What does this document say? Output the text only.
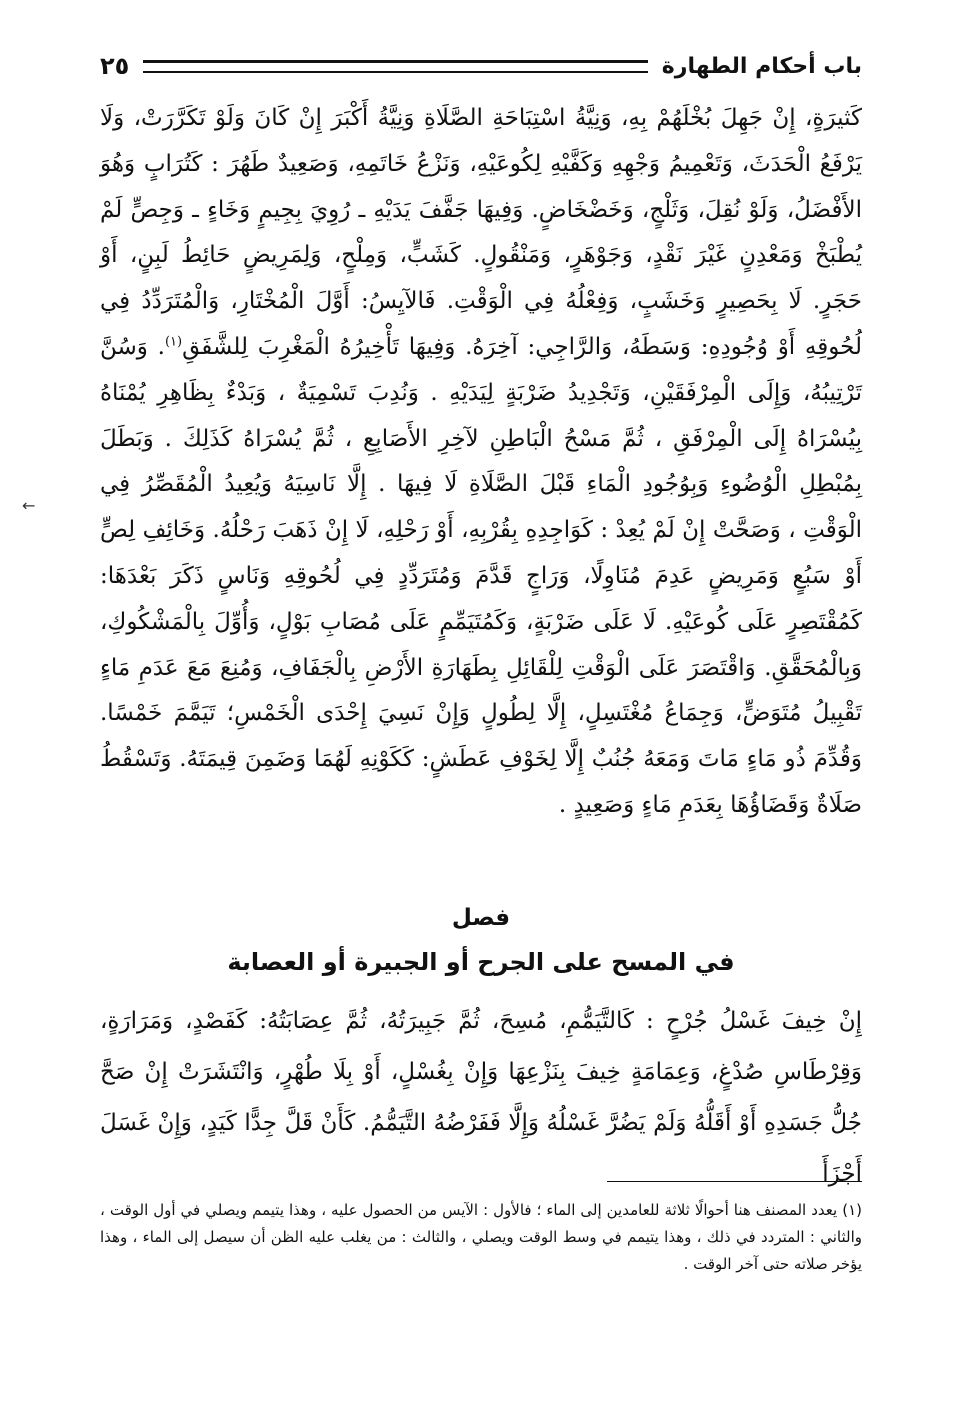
باب أحكام الطهارة
٢٥
كَثيرَةٍ، إِنْ جَهِلَ بُخْلَهُمْ بِهِ، وَنِيَّةُ اسْتِبَاحَةِ الصَّلَاةِ وَنِيَّةُ أَكْبَرَ إِنْ كَانَ وَلَوْ تَكَرَّرَتْ، وَلَا يَرْفَعُ الْحَدَثَ، وَتَعْمِيمُ وَجْهِهِ وَكَفَّيْهِ لِكُوعَيْهِ، وَنَزْعُ خَاتَمِهِ، وَصَعِيدٌ طَهُرَ : كَتُرَابٍ وَهُوَ الأَفْضَلُ، وَلَوْ نُقِلَ، وَثَلْجٍ، وَخَضْخَاضٍ. وَفِيهَا جَفَّفَ يَدَيْهِ ـ رُوِيَ بِجِيمٍ وَخَاءٍ ـ وَجِصٍّ لَمْ يُطْبَخْ وَمَعْدِنٍ غَيْرَ نَقْدٍ، وَجَوْهَرٍ، وَمَنْقُولٍ. كَشَبٍّ، وَمِلْحٍ، وَلِمَرِيضٍ حَائِطُ لَبِنٍ، أَوْ حَجَرٍ. لَا بِحَصِيرٍ وَخَشَبٍ، وَفِعْلُهُ فِي الْوَقْتِ. فَالآيِسُ: أَوَّلَ الْمُخْتَارِ، وَالْمُتَرَدِّدُ فِي لُحُوقِهِ أَوْ وُجُودِهِ: وَسَطَهُ، وَالرَّاجِي: آخِرَهُ. وَفِيهَا تَأْخِيرُهُ الْمَغْرِبَ لِلشَّفَقِ$^{(١)}$. وَسُنَّ تَرْتِيبُهُ، وَإِلَى الْمِرْفَقَيْنِ، وَتَجْدِيدُ ضَرْبَةٍ لِيَدَيْهِ . وَنُدِبَ تَسْمِيَةٌ ، وَبَدْءٌ بِظَاهِرِ يُمْنَاهُ بِيُسْرَاهُ إِلَى الْمِرْفَقِ ، ثُمَّ مَسْحُ الْبَاطِنِ لآخِرِ الأَصَابِعِ ، ثُمَّ يُسْرَاهُ كَذَلِكَ . وَبَطَلَ بِمُبْطِلِ الْوُضُوءِ وَبِوُجُودِ الْمَاءِ قَبْلَ الصَّلَاةِ لَا فِيهَا . إِلَّا نَاسِيَهُ وَيُعِيدُ الْمُقَصِّرُ فِي الْوَقْتِ ، وَصَحَّتْ إِنْ لَمْ يُعِدْ : كَوَاجِدِهِ بِقُرْبِهِ، أَوْ رَحْلِهِ، لَا إِنْ ذَهَبَ رَحْلُهُ. وَخَائِفِ لِصٍّ أَوْ سَبُعٍ وَمَرِيضٍ عَدِمَ مُنَاوِلًا، وَرَاجٍ قَدَّمَ وَمُتَرَدِّدٍ فِي لُحُوقِهِ وَنَاسٍ ذَكَرَ بَعْدَهَا: كَمُقْتَصِرٍ عَلَى كُوعَيْهِ. لَا عَلَى ضَرْبَةٍ، وَكَمُتَيَمِّمٍ عَلَى مُصَابِ بَوْلٍ، وَأُوِّلَ بِالْمَشْكُوكِ، وَبِالْمُحَقَّقِ. وَاقْتَصَرَ عَلَى الْوَقْتِ لِلْقَائِلِ بِطَهَارَةِ الأَرْضِ بِالْجَفَافِ، وَمُنِعَ مَعَ عَدَمِ مَاءٍ تَقْبِيلُ مُتَوَضٍّ، وَجِمَاعُ مُغْتَسِلٍ، إِلَّا لِطُولٍ وَإِنْ نَسِيَ إِحْدَى الْخَمْسِ؛ تَيَمَّمَ خَمْسًا. وَقُدِّمَ ذُو مَاءٍ مَاتَ وَمَعَهُ جُنُبٌ إِلَّا لِخَوْفِ عَطَشٍ: كَكَوْنِهِ لَهُمَا وَضَمِنَ قِيمَتَهُ. وَتَسْقُطُ صَلَاةٌ وَقَضَاؤُهَا بِعَدَمِ مَاءٍ وَصَعِيدٍ .
فصل
في المسح على الجرح أو الجبيرة أو العصابة
إِنْ خِيفَ غَسْلُ جُرْحٍ : كَالتَّيَمُّمِ، مُسِحَ، ثُمَّ جَبِيرَتُهُ، ثُمَّ عِصَابَتُهُ: كَفَصْدٍ، وَمَرَارَةٍ، وَقِرْطَاسِ صُدْغٍ، وَعِمَامَةٍ خِيفَ بِنَزْعِهَا وَإِنْ بِغُسْلٍ، أَوْ بِلَا طُهْرٍ، وَانْتَشَرَتْ إِنْ صَحَّ جُلُّ جَسَدِهِ أَوْ أَقَلُّهُ وَلَمْ يَضُرَّ غَسْلُهُ وَإِلَّا فَفَرْضُهُ التَّيَمُّمُ. كَأَنْ قَلَّ جِدًّا كَيَدٍ، وَإِنْ غَسَلَ أَجْزَأَ
(١) يعدد المصنف هنا أحوالًا ثلاثة للعامدين إلى الماء ؛ فالأول : الآيس من الحصول عليه ، وهذا يتيمم ويصلي في أول الوقت ، والثاني : المتردد في ذلك ، وهذا يتيمم في وسط الوقت ويصلي ، والثالث : من يغلب عليه الظن أن سيصل إلى الماء ، وهذا يؤخر صلاته حتى آخر الوقت .
←
